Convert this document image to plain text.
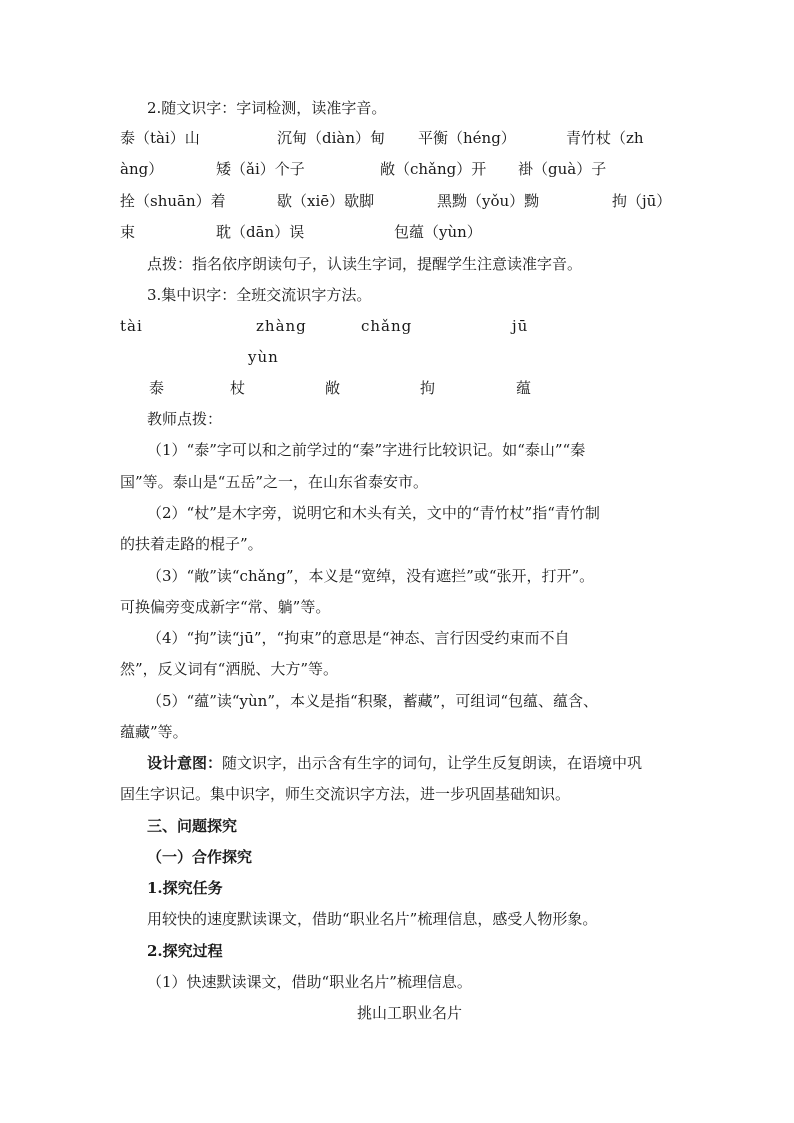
2.随文识字：字词检测，读准字音。
泰（tài）山	沉甸（diàn）甸 平衡（héng）	青竹杖（zh
àng）	矮（ǎi）个子	敞（chǎng）开 褂（guà）子
拴（shuān）着	歇（xiē）歇脚	黑黝（yǒu）黝	拘（jū）
束	耽（dān）误	包蕴（yùn）
点拨：指名依序朗读句子，认读生字词，提醒学生注意读准字音。
3.集中识字：全班交流识字方法。
tài	zhàng	chǎng	jū
yùn
泰	杖	敞	拘	蕴
教师点拨：
（1）“泰”字可以和之前学过的“秦”字进行比较识记。如“泰山”“秦
国”等。泰山是“五岳”之一，在山东省泰安市。
（2）“杖”是木字旁，说明它和木头有关，文中的“青竹杖”指“青竹制
的扶着走路的棍子”。
（3）“敞”读“chǎng”，本义是“宽绰，没有遮拦”或“张开，打开”。
可换偏旁变成新字“常、躺”等。
（4）“拘”读“jū”，“拘束”的意思是“神态、言行因受约束而不自
然”，反义词有“洒脱、大方”等。
（5）“蕴”读“yùn”，本义是指“积聚，蓄藏”，可组词“包蕴、蕴含、
蕴藏”等。
设计意图：随文识字，出示含有生字的词句，让学生反复朗读，在语境中巩
固生字识记。集中识字，师生交流识字方法，进一步巩固基础知识。
三、问题探究
（一）合作探究
1.探究任务
用较快的速度默读课文，借助“职业名片”梳理信息，感受人物形象。
2.探究过程
（1）快速默读课文，借助“职业名片”梳理信息。
挑山工职业名片
